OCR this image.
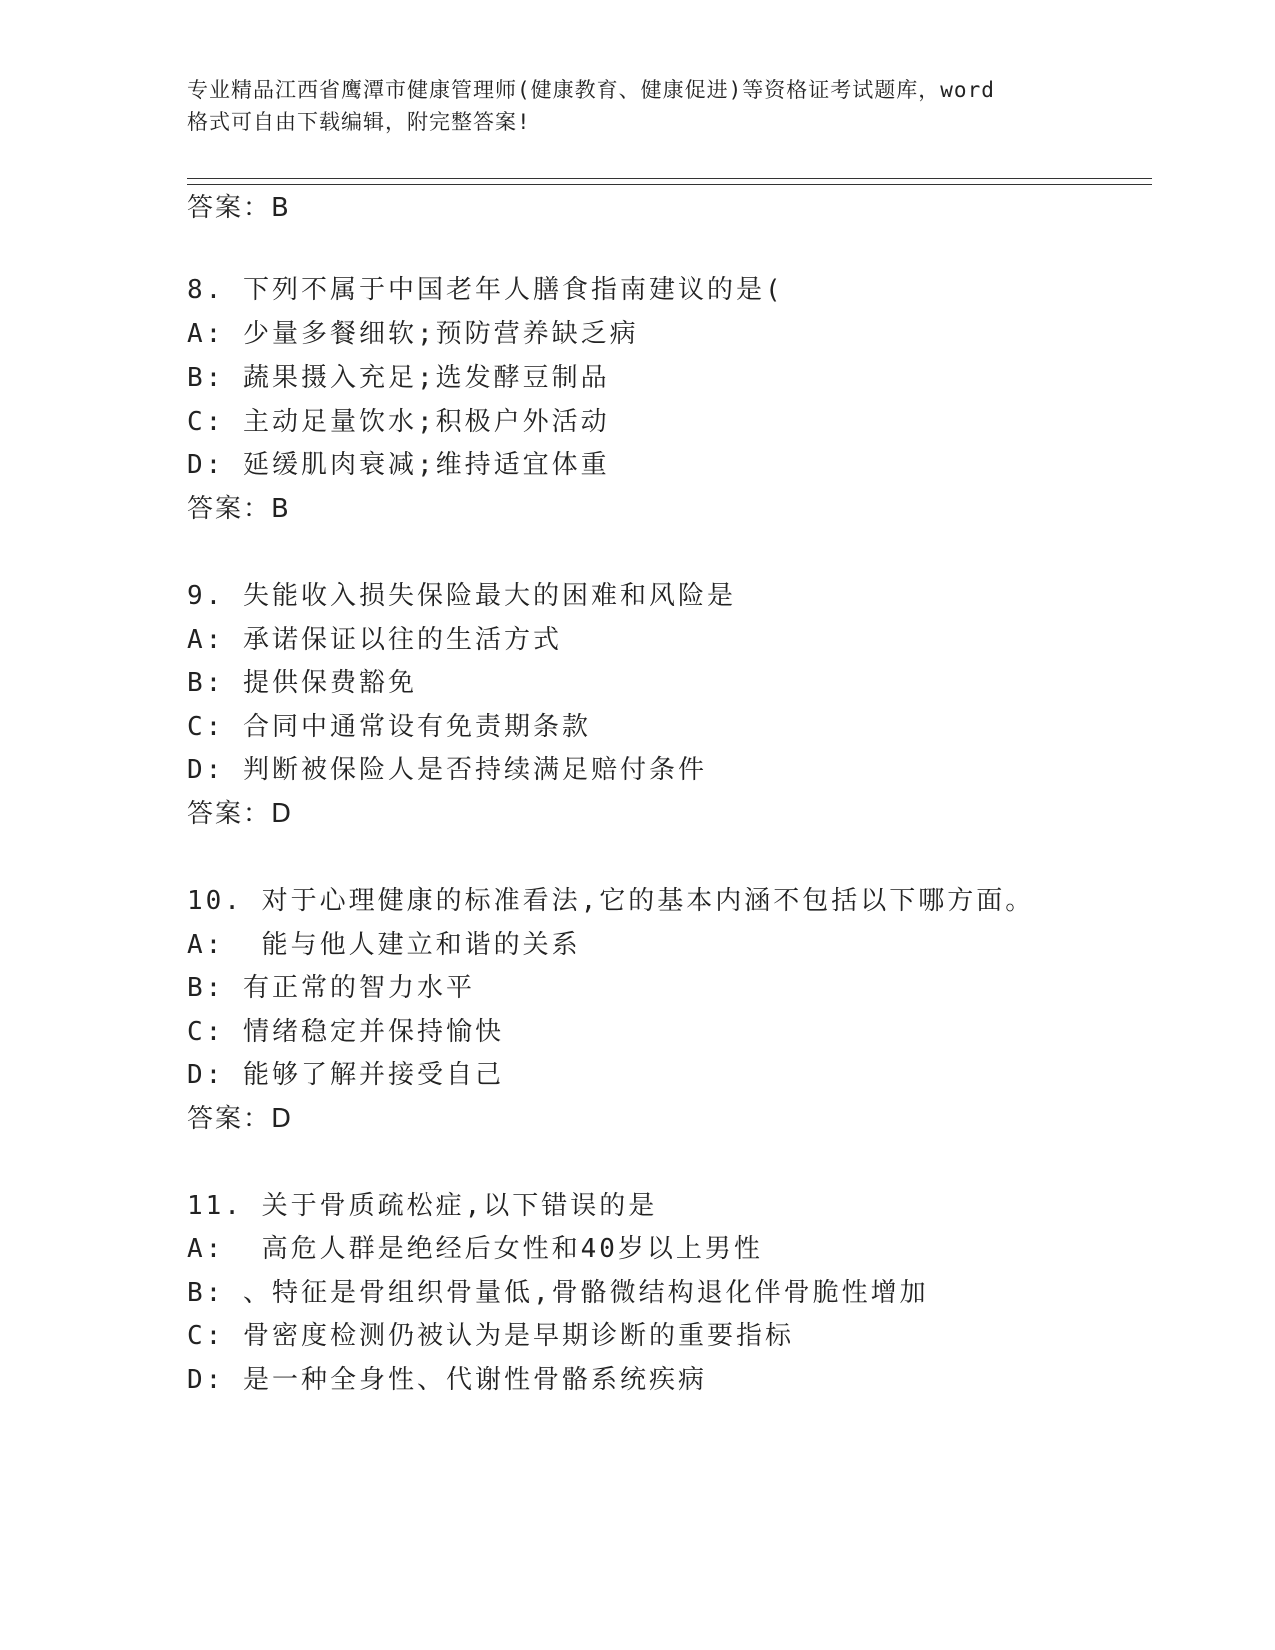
专业精品江西省鹰潭市健康管理师(健康教育、健康促进)等资格证考试题库，word
格式可自由下载编辑，附完整答案!
答案：B
8. 下列不属于中国老年人膳食指南建议的是(
A: 少量多餐细软;预防营养缺乏病
B: 蔬果摄入充足;选发酵豆制品
C: 主动足量饮水;积极户外活动
D: 延缓肌肉衰减;维持适宜体重
答案：B
9. 失能收入损失保险最大的困难和风险是
A: 承诺保证以往的生活方式
B: 提供保费豁免
C: 合同中通常设有免责期条款
D: 判断被保险人是否持续满足赔付条件
答案：D
10. 对于心理健康的标准看法,它的基本内涵不包括以下哪方面。
A:  能与他人建立和谐的关系
B: 有正常的智力水平
C: 情绪稳定并保持愉快
D: 能够了解并接受自己
答案：D
11. 关于骨质疏松症,以下错误的是
A:  高危人群是绝经后女性和40岁以上男性
B: 、特征是骨组织骨量低,骨骼微结构退化伴骨脆性增加
C: 骨密度检测仍被认为是早期诊断的重要指标
D: 是一种全身性、代谢性骨骼系统疾病
